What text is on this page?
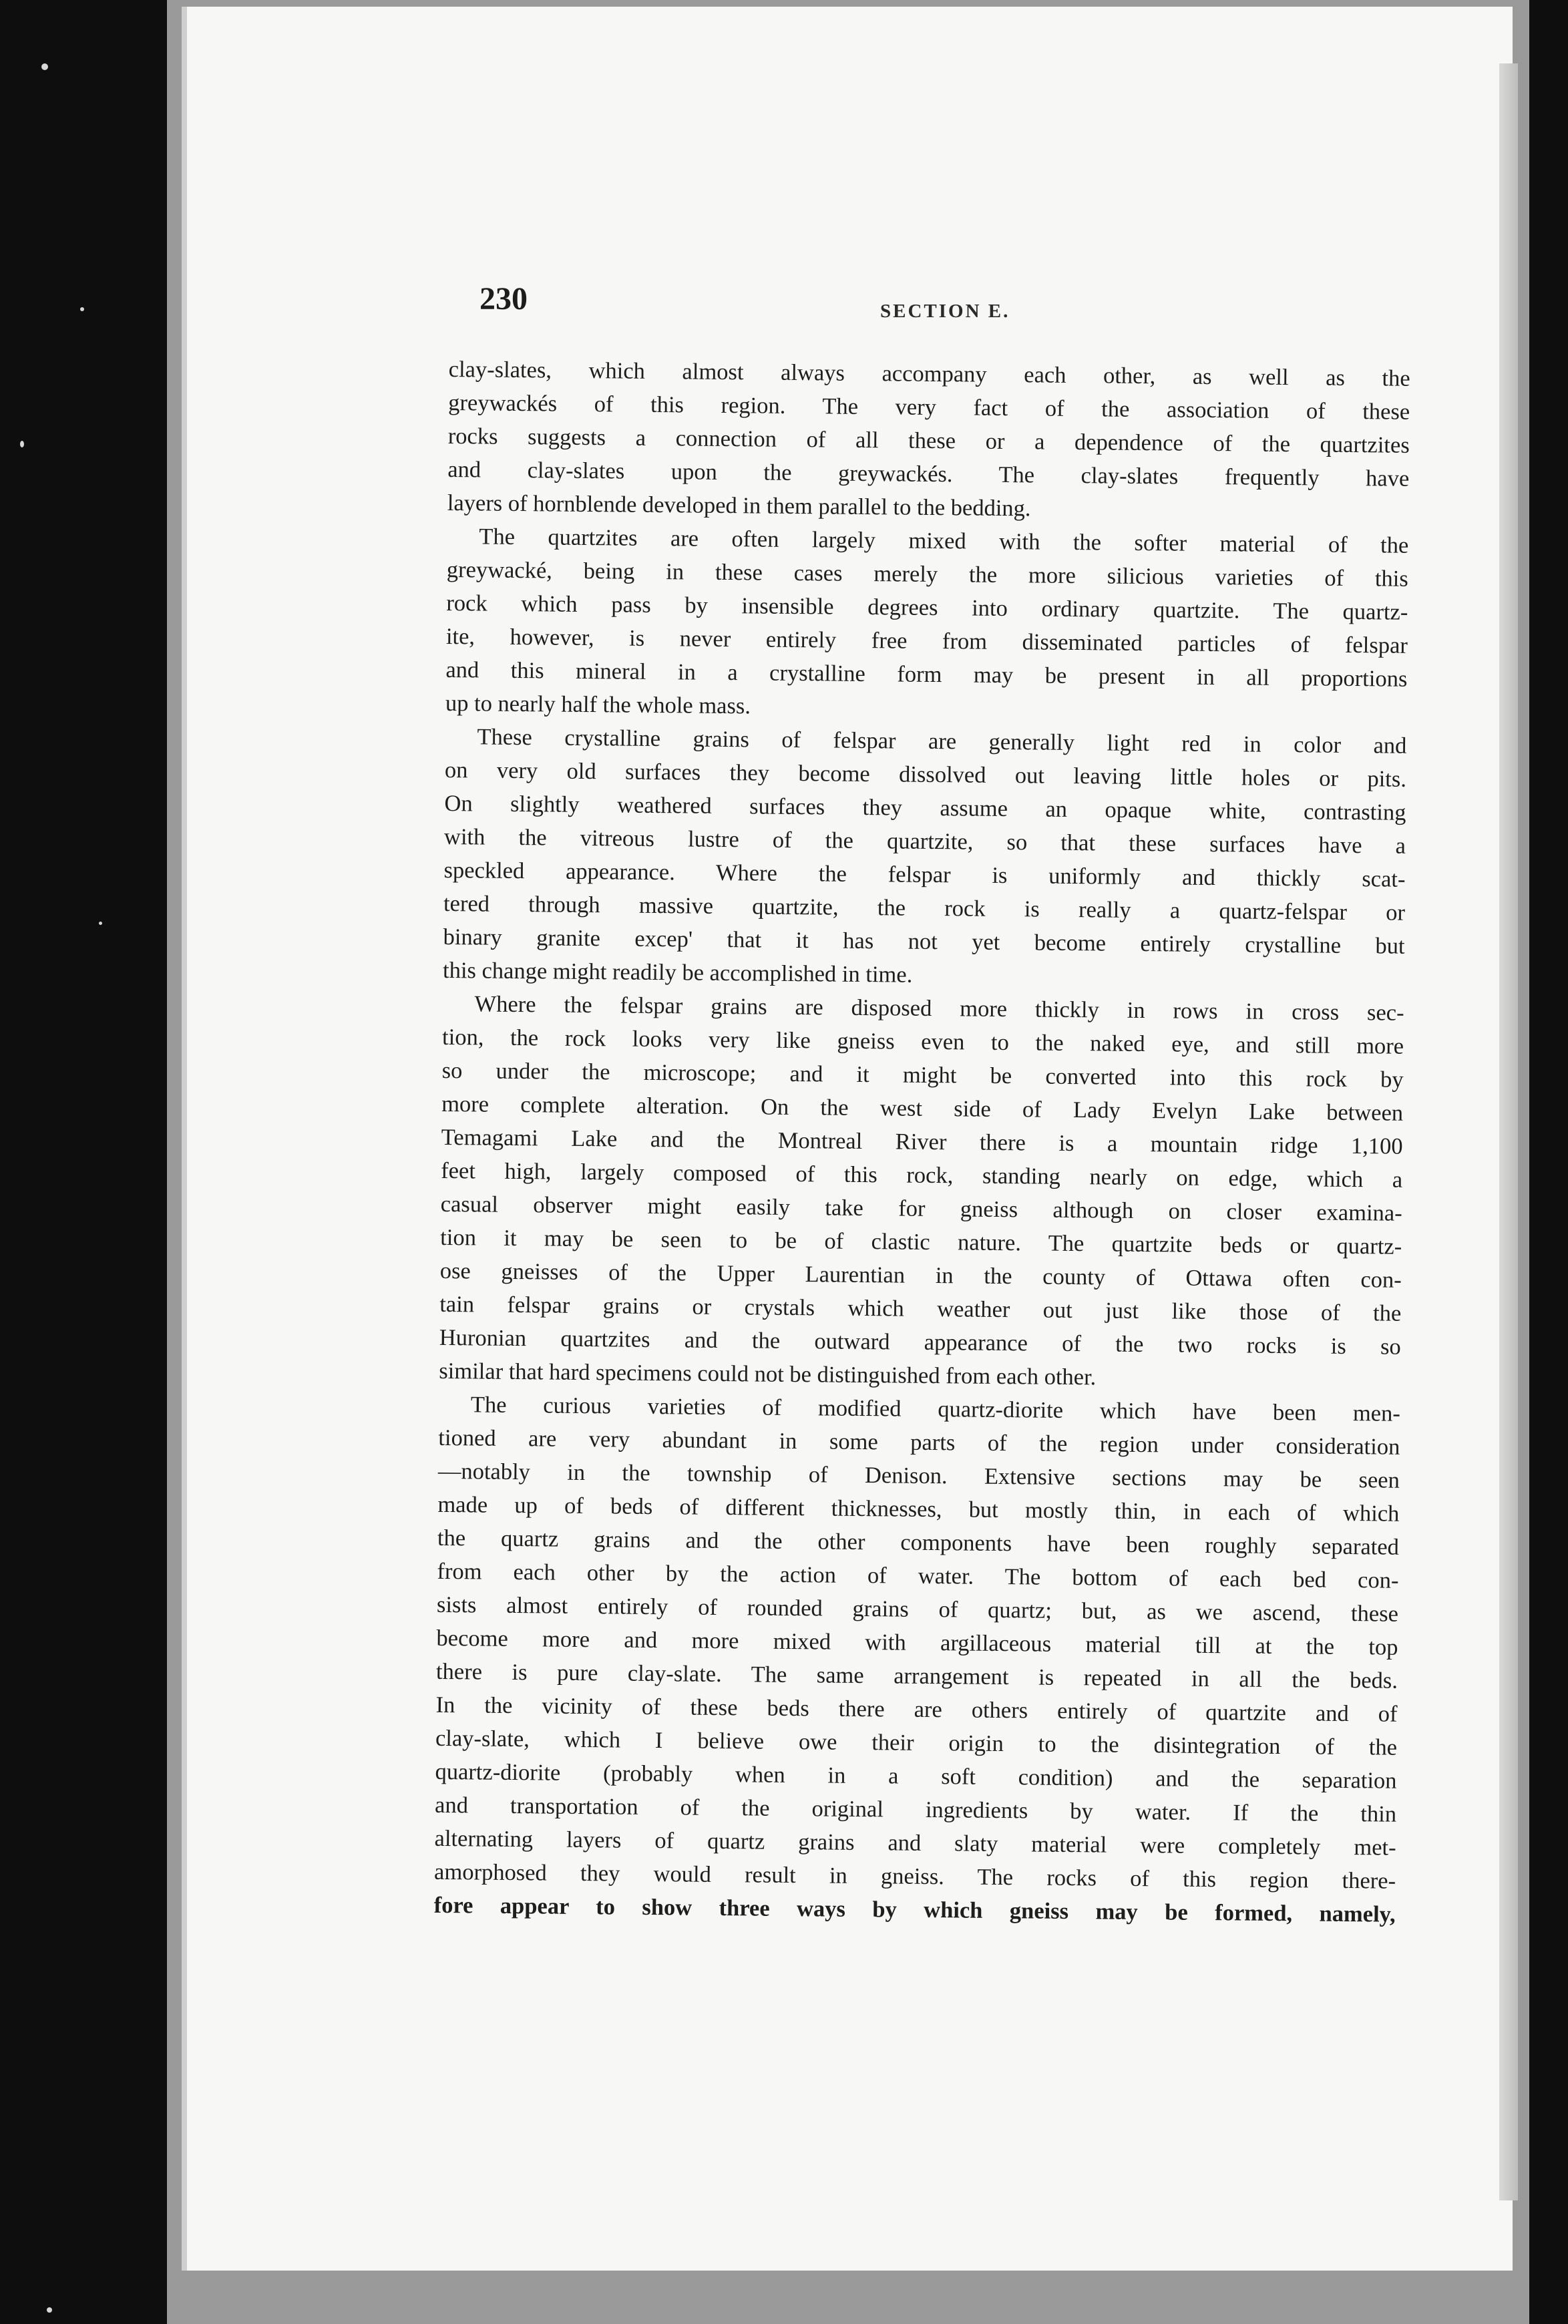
230	SECTION E.
clay-slates, which almost always accompany each other, as well as the
greywackés of this region. The very fact of the association of these
rocks suggests a connection of all these or a dependence of the quartzites
and clay-slates upon the greywackés. The clay-slates frequently have
layers of hornblende developed in them parallel to the bedding.
The quartzites are often largely mixed with the softer material of the
greywacké, being in these cases merely the more silicious varieties of this
rock which pass by insensible degrees into ordinary quartzite. The quartz-
ite, however, is never entirely free from disseminated particles of felspar
and this mineral in a crystalline form may be present in all proportions
up to nearly half the whole mass.
These crystalline grains of felspar are generally light red in color and
on very old surfaces they become dissolved out leaving little holes or pits.
On slightly weathered surfaces they assume an opaque white, contrasting
with the vitreous lustre of the quartzite, so that these surfaces have a
speckled appearance. Where the felspar is uniformly and thickly scat-
tered through massive quartzite, the rock is really a quartz-felspar or
binary granite excep' that it has not yet become entirely crystalline but
this change might readily be accomplished in time.
Where the felspar grains are disposed more thickly in rows in cross sec-
tion, the rock looks very like gneiss even to the naked eye, and still more
so under the microscope; and it might be converted into this rock by
more complete alteration. On the west side of Lady Evelyn Lake between
Temagami Lake and the Montreal River there is a mountain ridge 1,100
feet high, largely composed of this rock, standing nearly on edge, which a
casual observer might easily take for gneiss although on closer examina-
tion it may be seen to be of clastic nature. The quartzite beds or quartz-
ose gneisses of the Upper Laurentian in the county of Ottawa often con-
tain felspar grains or crystals which weather out just like those of the
Huronian quartzites and the outward appearance of the two rocks is so
similar that hard specimens could not be distinguished from each other.
The curious varieties of modified quartz-diorite which have been men-
tioned are very abundant in some parts of the region under consideration
—notably in the township of Denison. Extensive sections may be seen
made up of beds of different thicknesses, but mostly thin, in each of which
the quartz grains and the other components have been roughly separated
from each other by the action of water. The bottom of each bed con-
sists almost entirely of rounded grains of quartz; but, as we ascend, these
become more and more mixed with argillaceous material till at the top
there is pure clay-slate. The same arrangement is repeated in all the beds.
In the vicinity of these beds there are others entirely of quartzite and of
clay-slate, which I believe owe their origin to the disintegration of the
quartz-diorite (probably when in a soft condition) and the separation
and transportation of the original ingredients by water. If the thin
alternating layers of quartz grains and slaty material were completely met-
amorphosed they would result in gneiss. The rocks of this region there-
fore appear to show three ways by which gneiss may be formed, namely,
